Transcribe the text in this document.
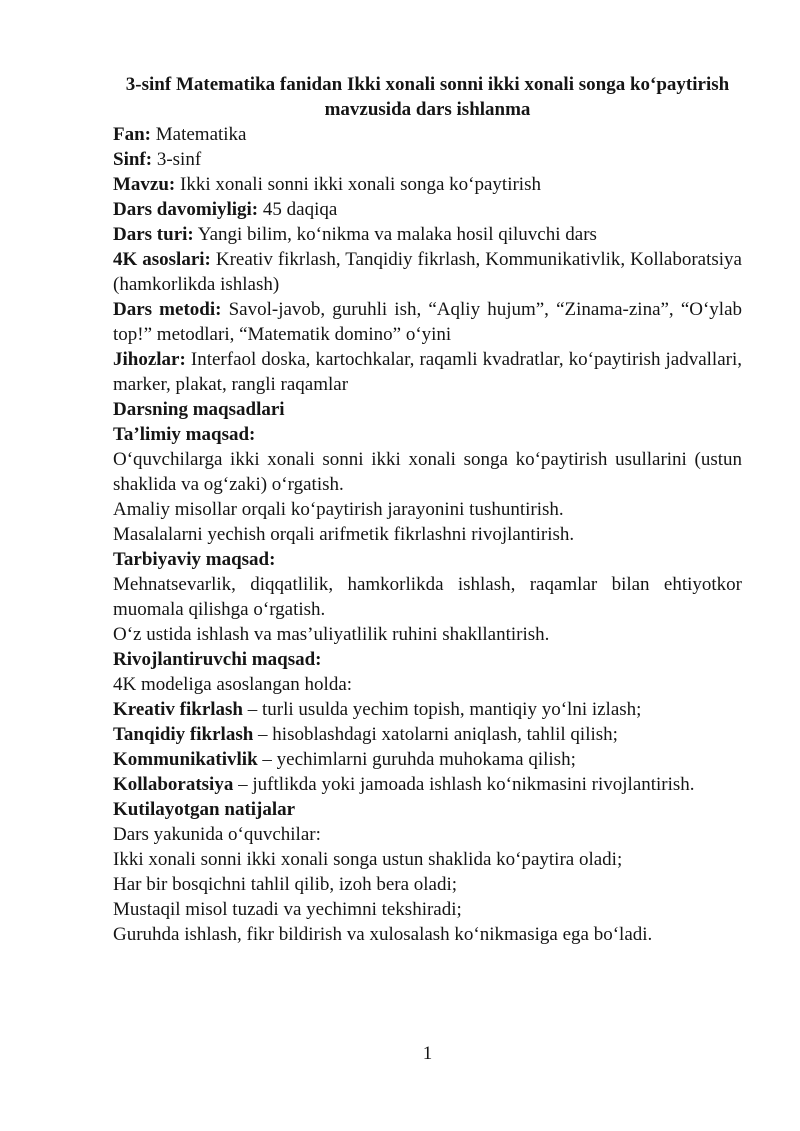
3-sinf Matematika fanidan Ikki xonali sonni ikki xonali songa koʻpaytirish mavzusida dars ishlanma

Fan: Matematika

Sinf: 3-sinf

Mavzu: Ikki xonali sonni ikki xonali songa koʻpaytirish

Dars davomiyligi: 45 daqiqa

Dars turi: Yangi bilim, koʻnikma va malaka hosil qiluvchi dars

4K asoslari: Kreativ fikrlash, Tanqidiy fikrlash, Kommunikativlik, Kollaboratsiya (hamkorlikda ishlash)

Dars metodi: Savol-javob, guruhli ish, “Aqliy hujum”, “Zinama-zina”, “Oʻylab top!” metodlari, “Matematik domino” oʻyini

Jihozlar: Interfaol doska, kartochkalar, raqamli kvadratlar, koʻpaytirish jadvallari, marker, plakat, rangli raqamlar

Darsning maqsadlari

Ta’limiy maqsad:

Oʻquvchilarga ikki xonali sonni ikki xonali songa koʻpaytirish usullarini (ustun shaklida va ogʻzaki) oʻrgatish.

Amaliy misollar orqali koʻpaytirish jarayonini tushuntirish.

Masalalarni yechish orqali arifmetik fikrlashni rivojlantirish.

Tarbiyaviy maqsad:

Mehnatsevarlik, diqqatlilik, hamkorlikda ishlash, raqamlar bilan ehtiyotkor muomala qilishga oʻrgatish.

Oʻz ustida ishlash va mas’uliyatlilik ruhini shakllantirish.

Rivojlantiruvchi maqsad:

4K modeliga asoslangan holda:

Kreativ fikrlash – turli usulda yechim topish, mantiqiy yoʻlni izlash;

Tanqidiy fikrlash – hisoblashdagi xatolarni aniqlash, tahlil qilish;

Kommunikativlik – yechimlarni guruhda muhokama qilish;

Kollaboratsiya – juftlikda yoki jamoada ishlash koʻnikmasini rivojlantirish.

Kutilayotgan natijalar

Dars yakunida oʻquvchilar:

Ikki xonali sonni ikki xonali songa ustun shaklida koʻpaytira oladi;

Har bir bosqichni tahlil qilib, izoh bera oladi;

Mustaqil misol tuzadi va yechimni tekshiradi;

Guruhda ishlash, fikr bildirish va xulosalash koʻnikmasiga ega boʻladi.

1
